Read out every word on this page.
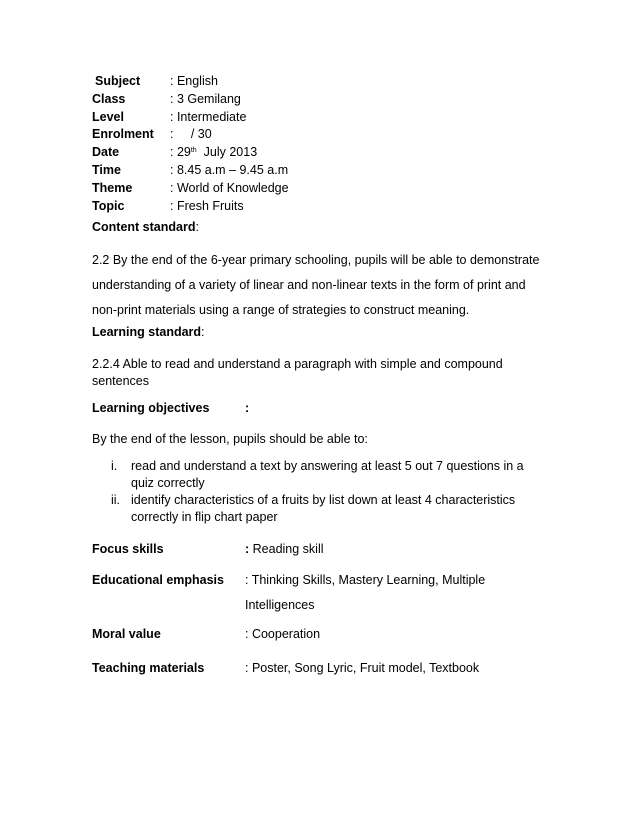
Subject	: English
Class	: 3 Gemilang
Level	: Intermediate
Enrolment	:     / 30
Date	: 29th  July 2013
Time	: 8.45 a.m – 9.45 a.m
Theme	: World of Knowledge
Topic	: Fresh Fruits
Content standard:
2.2 By the end of the 6-year primary schooling, pupils will be able to demonstrate understanding of a variety of linear and non-linear texts in the form of print and non-print materials using a range of strategies to construct meaning.
Learning standard:
2.2.4 Able to read and understand a paragraph with simple and compound sentences
Learning objectives	:
By the end of the lesson, pupils should be able to:
i.	read and understand a text by answering at least 5 out 7 questions in a quiz correctly
ii. identify characteristics of a fruits by list down at least 4 characteristics correctly in flip chart paper
Focus skills	: Reading skill
Educational emphasis	: Thinking Skills, Mastery Learning, Multiple Intelligences
Moral value	: Cooperation
Teaching materials	: Poster, Song Lyric, Fruit model, Textbook
